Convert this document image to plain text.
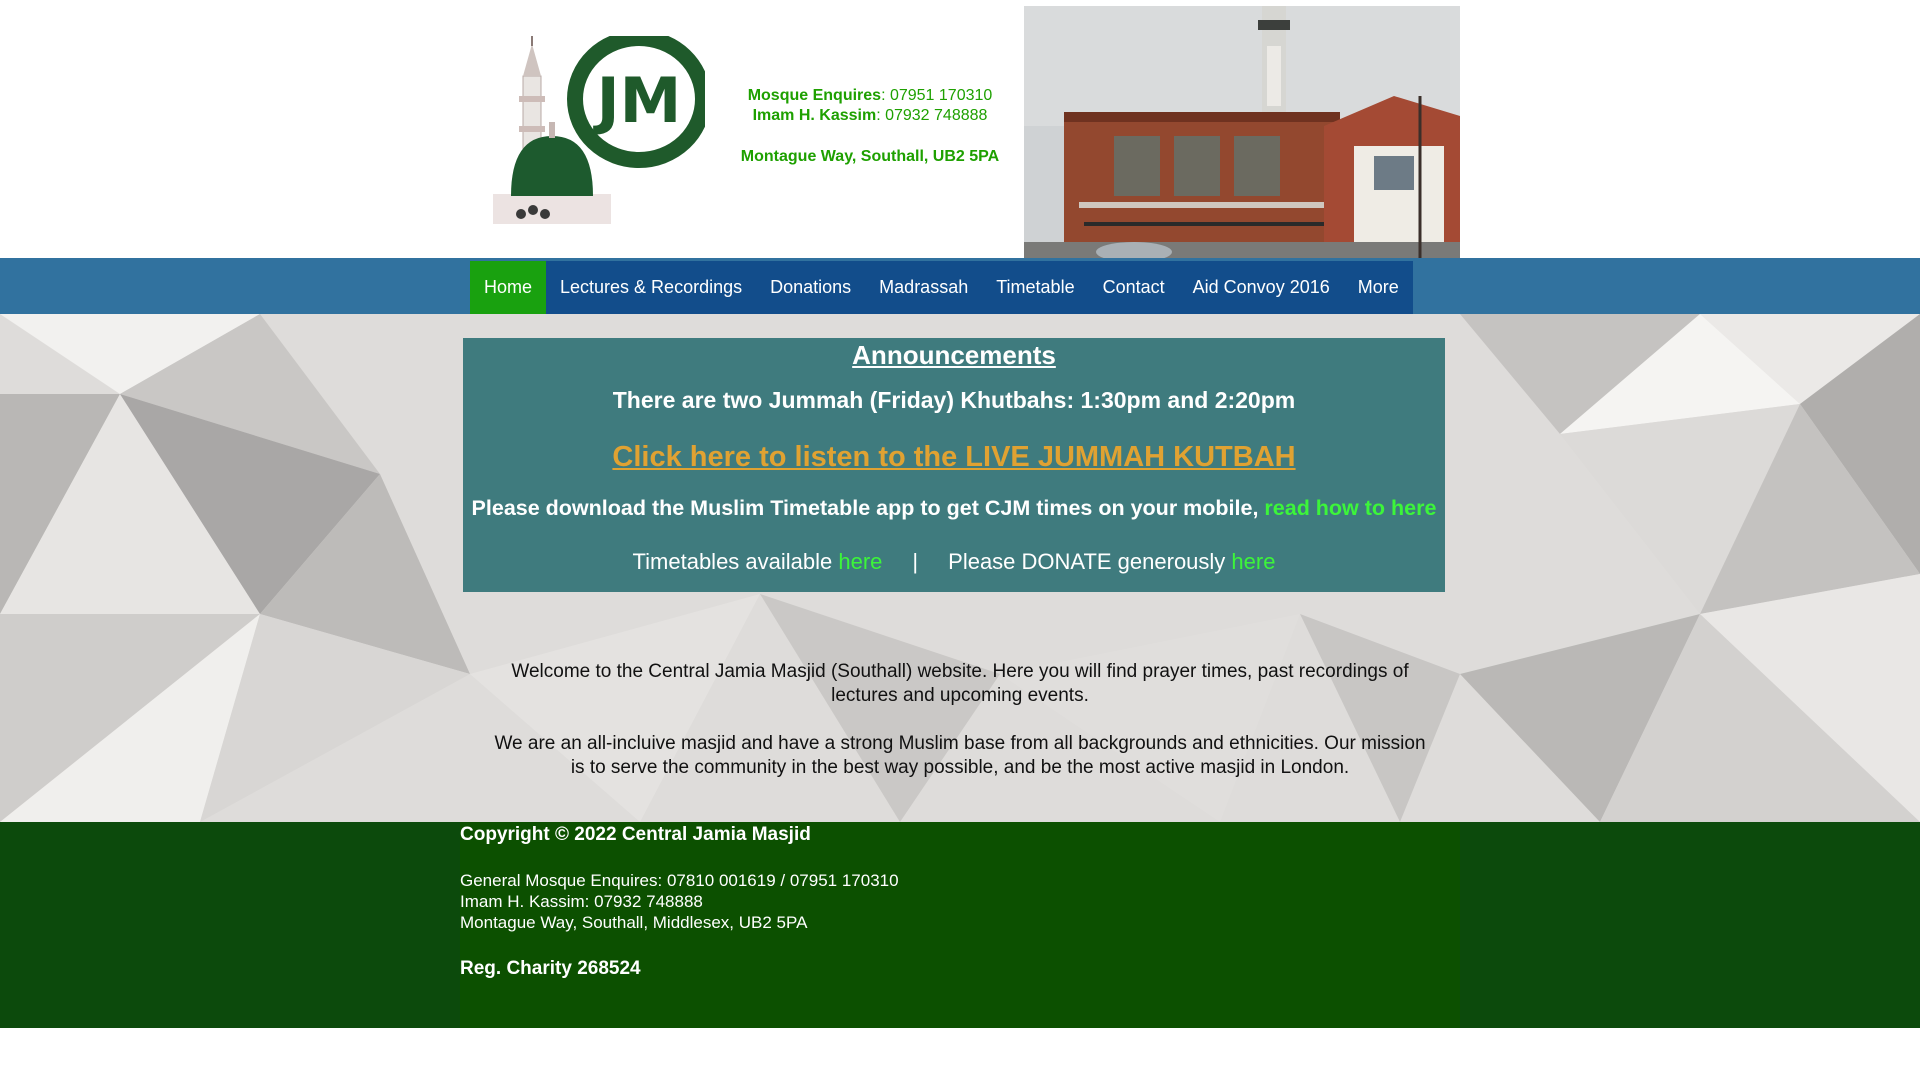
JM	Mosque Enquires: 07951 170310
Imam H. Kassim: 07932 748888
Montague Way, Southall, UB2 5PA
Home	Lectures & Recordings	Donations	Madrassah	Timetable	Contact	Aid Convoy 2016	More
Announcements
There are two Jummah (Friday) Khutbahs: 1:30pm and 2:20pm
Click here to listen to the LIVE JUMMAH KUTBAH
Please download the Muslim Timetable app to get CJM times on your mobile, read how to here
Timetables available here | Please DONATE generously here

Welcome to the Central Jamia Masjid (Southall) website. Here you will find prayer times, past recordings of lectures and upcoming events.

We are an all-incluive masjid and have a strong Muslim base from all backgrounds and ethnicities. Our mission is to serve the community in the best way possible, and be the most active masjid in London.

Copyright © 2022 Central Jamia Masjid
General Mosque Enquires: 07810 001619 / 07951 170310
Imam H. Kassim: 07932 748888
Montague Way, Southall, Middlesex, UB2 5PA
Reg. Charity 268524
